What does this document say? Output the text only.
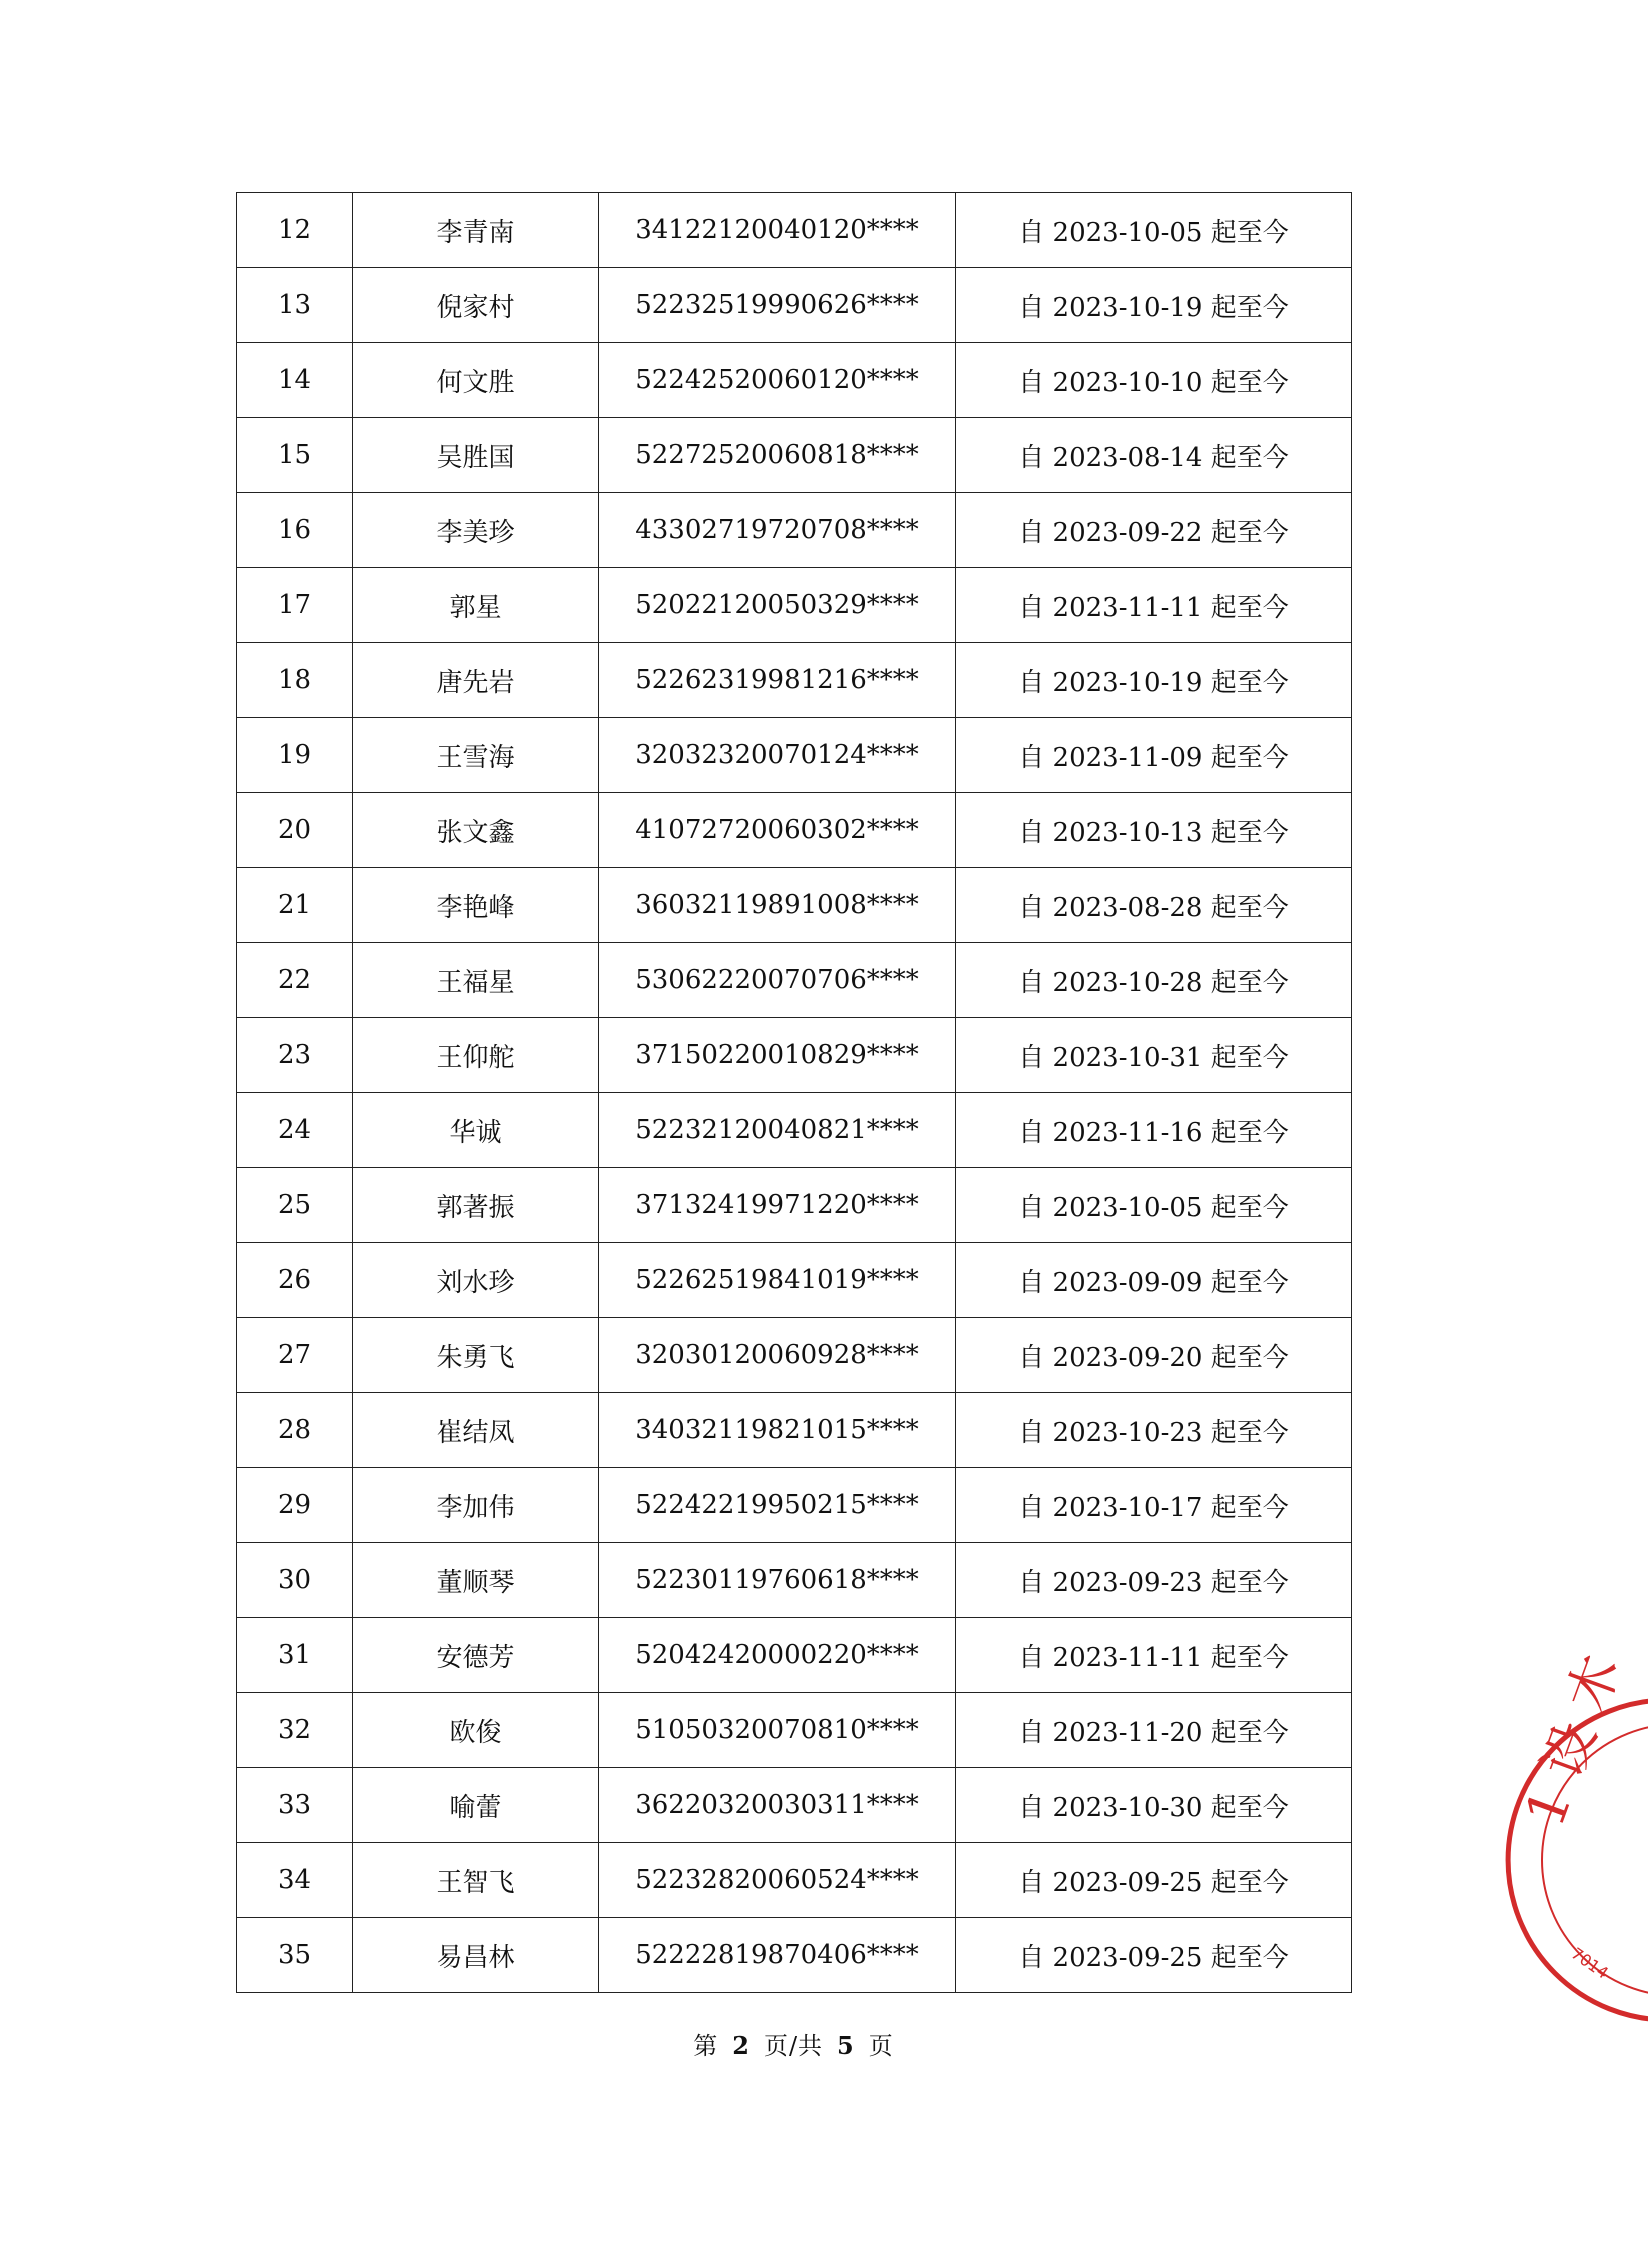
12	李青南	34122120040120****	自 2023-10-05 起至今
13	倪家村	52232519990626****	自 2023-10-19 起至今
14	何文胜	52242520060120****	自 2023-10-10 起至今
15	吴胜国	52272520060818****	自 2023-08-14 起至今
16	李美珍	43302719720708****	自 2023-09-22 起至今
17	郭星	52022120050329****	自 2023-11-11 起至今
18	唐先岩	52262319981216****	自 2023-10-19 起至今
19	王雪海	32032320070124****	自 2023-11-09 起至今
20	张文鑫	41072720060302****	自 2023-10-13 起至今
21	李艳峰	36032119891008****	自 2023-08-28 起至今
22	王福星	53062220070706****	自 2023-10-28 起至今
23	王仰舵	37150220010829****	自 2023-10-31 起至今
24	华诚	52232120040821****	自 2023-11-16 起至今
25	郭著振	37132419971220****	自 2023-10-05 起至今
26	刘水珍	52262519841019****	自 2023-09-09 起至今
27	朱勇飞	32030120060928****	自 2023-09-20 起至今
28	崔结凤	34032119821015****	自 2023-10-23 起至今
29	李加伟	52242219950215****	自 2023-10-17 起至今
30	董顺琴	52230119760618****	自 2023-09-23 起至今
31	安德芳	52042420000220****	自 2023-11-11 起至今
32	欧俊	51050320070810****	自 2023-11-20 起至今
33	喻蕾	36220320030311****	自 2023-10-30 起至今
34	王智飞	52232820060524****	自 2023-09-25 起至今
35	易昌林	52222819870406****	自 2023-09-25 起至今
第 2 页/共 5 页
1 设 木
7014
